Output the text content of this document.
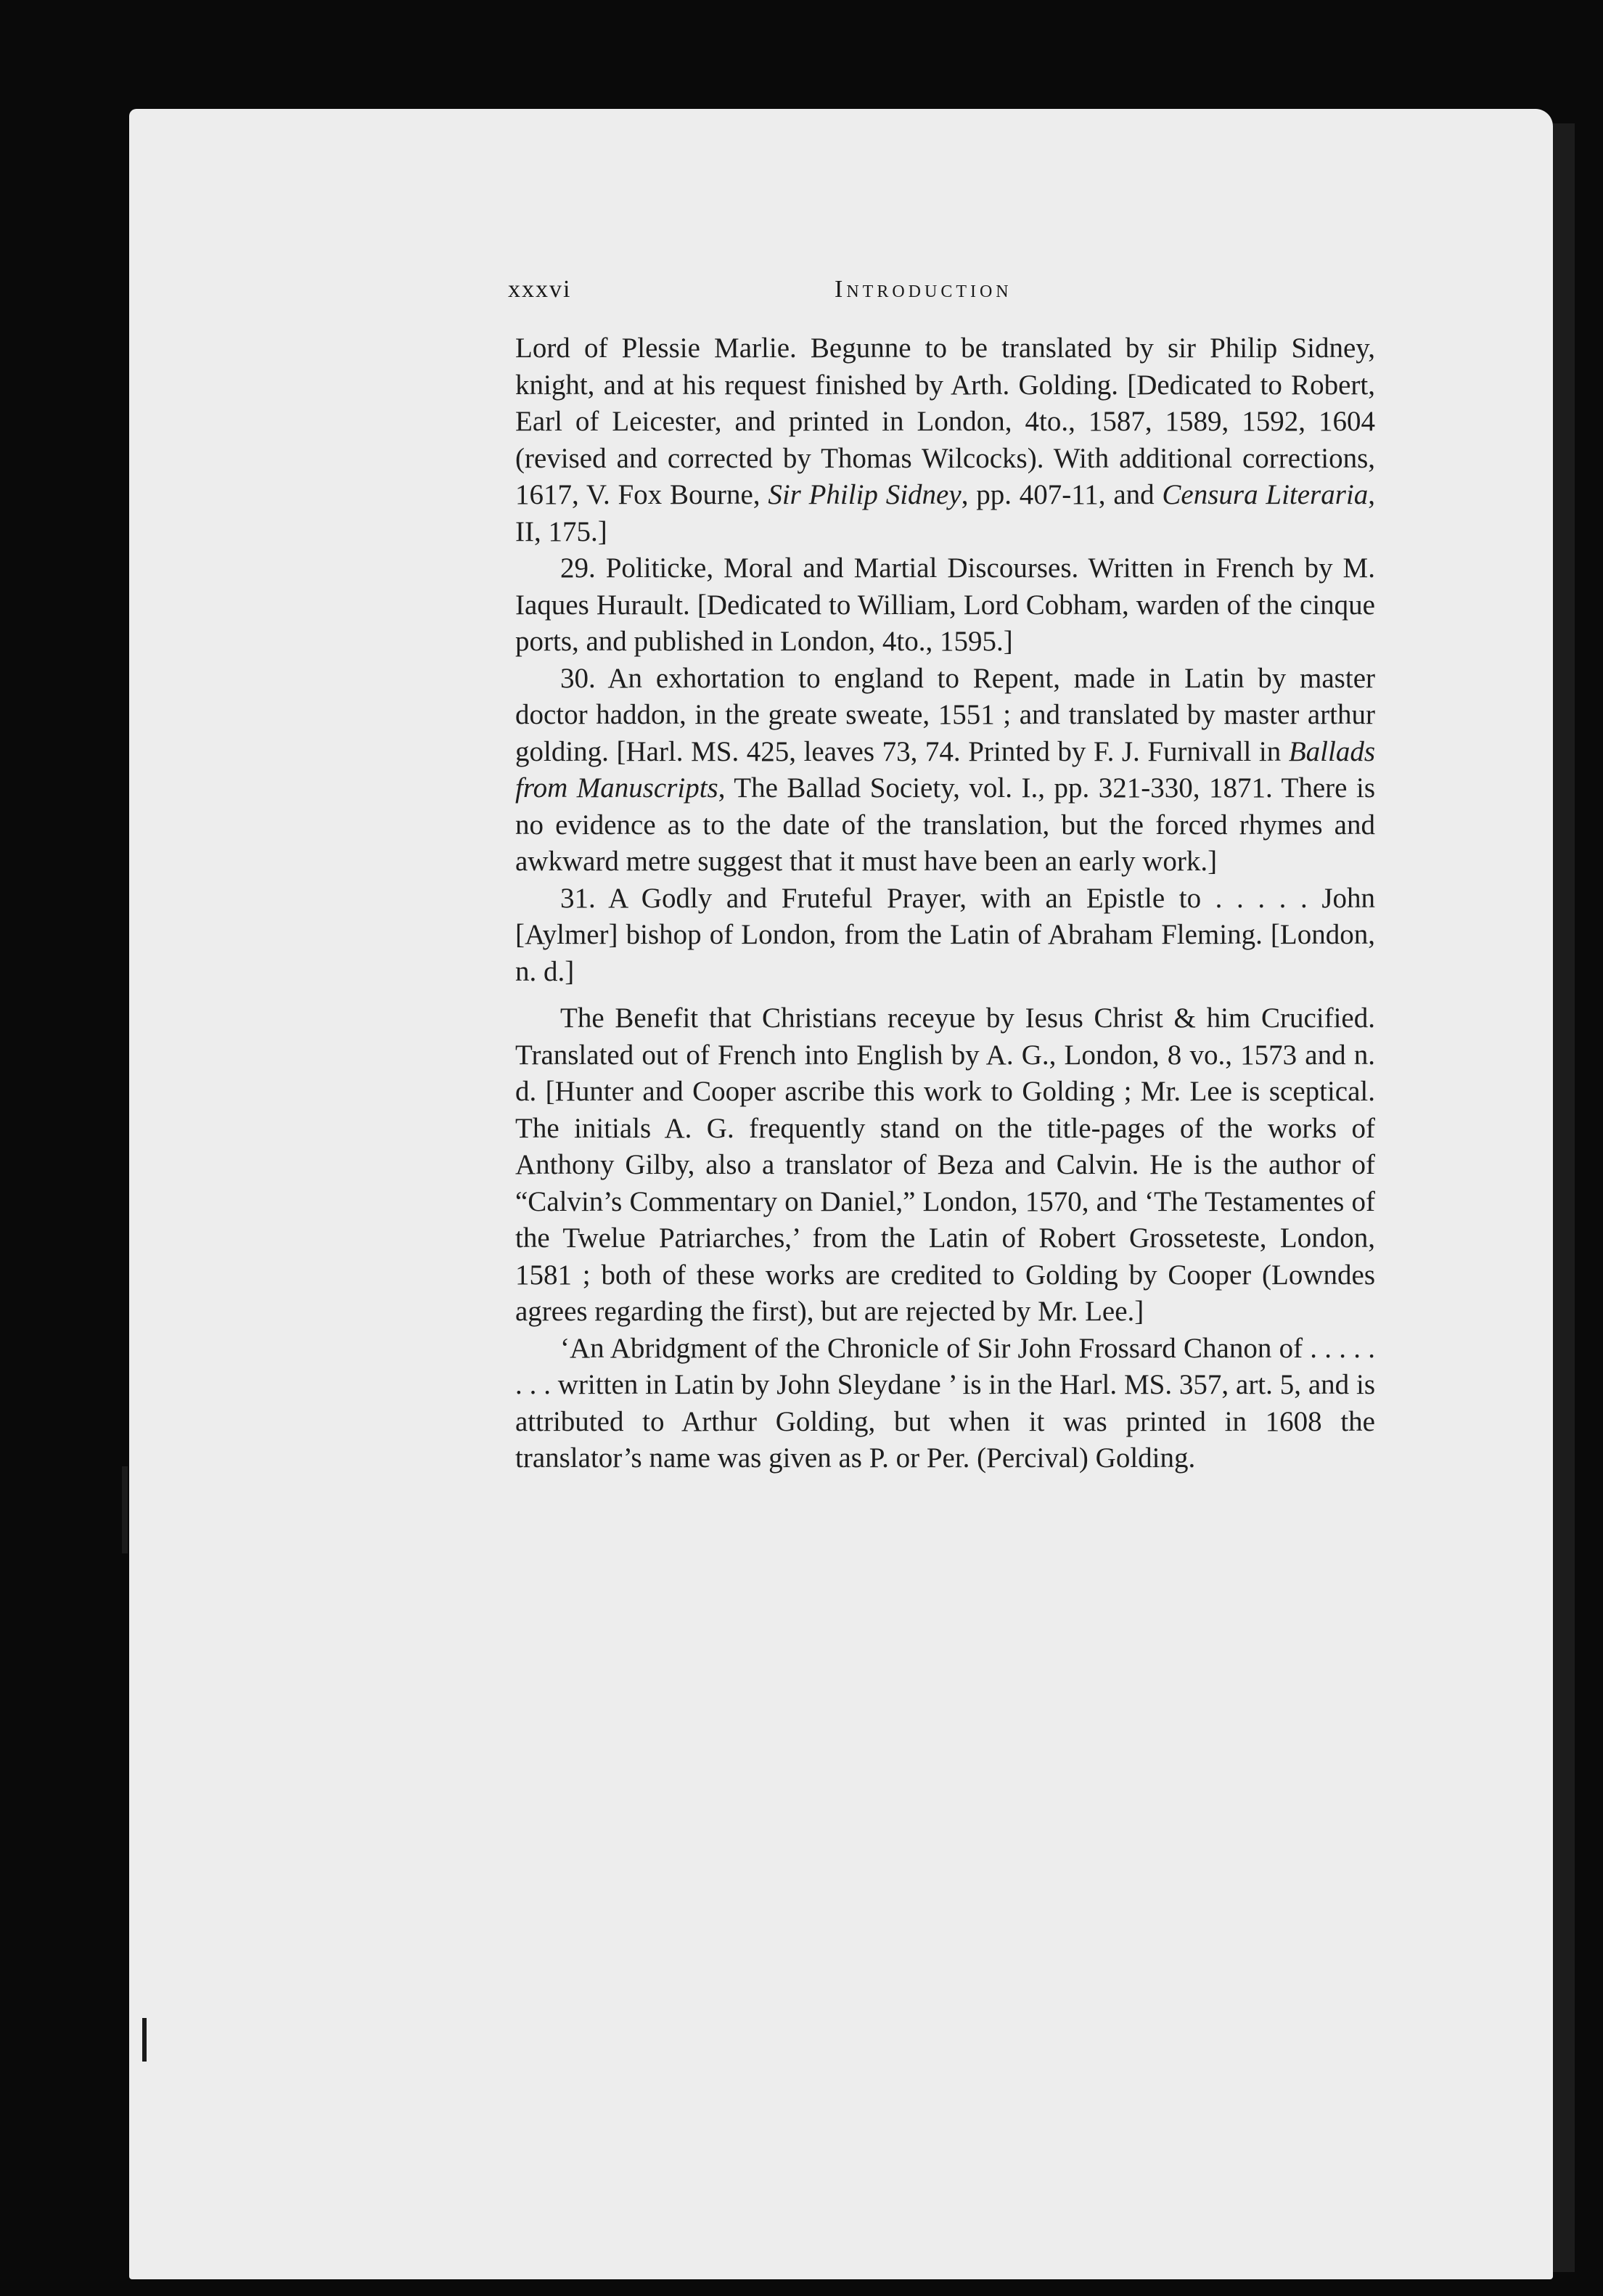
xxxvi	Introduction

Lord of Plessie Marlie. Begunne to be translated by sir Philip Sidney, knight, and at his request finished by Arth. Golding. [Dedicated to Robert, Earl of Leicester, and printed in London, 4to., 1587, 1589, 1592, 1604 (revised and corrected by Thomas Wilcocks). With additional corrections, 1617, V. Fox Bourne, Sir Philip Sidney, pp. 407-11, and Censura Literaria, II, 175.]

29. Politicke, Moral and Martial Discourses. Written in French by M. Iaques Hurault. [Dedicated to William, Lord Cobham, warden of the cinque ports, and published in London, 4to., 1595.]

30. An exhortation to england to Repent, made in Latin by master doctor haddon, in the greate sweate, 1551 ; and translated by master arthur golding. [Harl. MS. 425, leaves 73, 74. Printed by F. J. Furnivall in Ballads from Manuscripts, The Ballad Society, vol. I., pp. 321-330, 1871. There is no evidence as to the date of the translation, but the forced rhymes and awkward metre suggest that it must have been an early work.]

31. A Godly and Fruteful Prayer, with an Epistle to . . . . . John [Aylmer] bishop of London, from the Latin of Abraham Fleming. [London, n. d.]

The Benefit that Christians receyue by Iesus Christ & him Crucified. Translated out of French into English by A. G., London, 8 vo., 1573 and n. d. [Hunter and Cooper ascribe this work to Golding ; Mr. Lee is sceptical. The initials A. G. frequently stand on the title-pages of the works of Anthony Gilby, also a translator of Beza and Calvin. He is the author of “Calvin’s Commentary on Daniel,” London, 1570, and ‘The Testamentes of the Twelue Patriarches,’ from the Latin of Robert Grosseteste, London, 1581 ; both of these works are credited to Golding by Cooper (Lowndes agrees regarding the first), but are rejected by Mr. Lee.]

‘An Abridgment of the Chronicle of Sir John Frossard Chanon of . . . . . . . . written in Latin by John Sleydane ’ is in the Harl. MS. 357, art. 5, and is attributed to Arthur Golding, but when it was printed in 1608 the translator’s name was given as P. or Per. (Percival) Golding.
